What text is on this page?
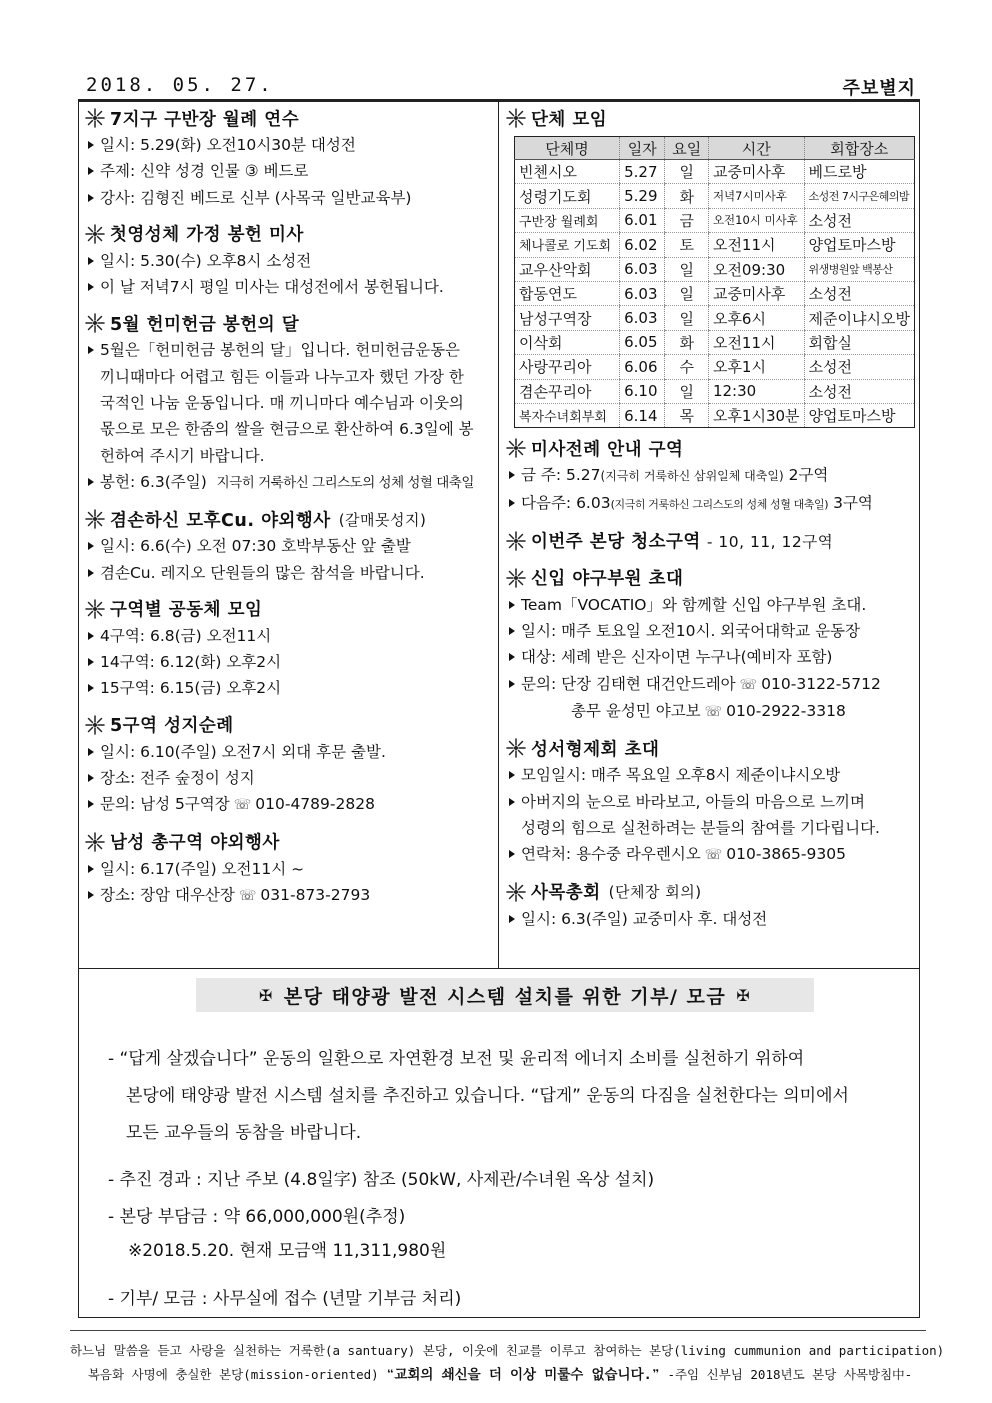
2018. 05. 27.	주보별지
7지구 구반장 월례 연수
일시: 5.29(화) 오전10시30분 대성전
주제: 신약 성경 인물 ③ 베드로
강사: 김형진 베드로 신부 (사목국 일반교육부)
첫영성체 가정 봉헌 미사
일시: 5.30(수) 오후8시 소성전
이 날 저녁7시 평일 미사는 대성전에서 봉헌됩니다.
5월 헌미헌금 봉헌의 달
5월은「헌미헌금 봉헌의 달」입니다. 헌미헌금운동은 끼니때마다 어렵고 힘든 이들과 나누고자 했던 가장 한국적인 나눔 운동입니다. 매 끼니마다 예수님과 이웃의 몫으로 모은 한줌의 쌀을 현금으로 환산하여 6.3일에 봉헌하여 주시기 바랍니다.
봉헌: 6.3(주일) 지극히 거룩하신 그리스도의 성체 성혈 대축일
겸손하신 모후Cu. 야외행사 (갈매못성지)
일시: 6.6(수) 오전 07:30 호박부동산 앞 출발
겸손Cu. 레지오 단원들의 많은 참석을 바랍니다.
구역별 공동체 모임
4구역: 6.8(금) 오전11시
14구역: 6.12(화) 오후2시
15구역: 6.15(금) 오후2시
5구역 성지순례
일시: 6.10(주일) 오전7시 외대 후문 출발.
장소: 전주 숲정이 성지
문의: 남성 5구역장 ☏ 010-4789-2828
남성 총구역 야외행사
일시: 6.17(주일) 오전11시 ~
장소: 장암 대우산장 ☏ 031-873-2793
단체 모임
단체명	일자	요일	시간	회합장소
빈첸시오	5.27	일	교중미사후	베드로방
성령기도회	5.29	화	저녁7시미사후	소성전 7시구은혜의밤
구반장 월례회	6.01	금	오전10시 미사후	소성전
체나콜로 기도회	6.02	토	오전11시	양업토마스방
교우산악회	6.03	일	오전09:30	위생병원앞 백봉산
합동연도	6.03	일	교중미사후	소성전
남성구역장	6.03	일	오후6시	제준이냐시오방
이삭회	6.05	화	오전11시	회합실
사랑꾸리아	6.06	수	오후1시	소성전
겸손꾸리아	6.10	일	12:30	소성전
복자수녀회부회	6.14	목	오후1시30분	양업토마스방
미사전례 안내 구역
금 주: 5.27(지극히 거룩하신 삼위일체 대축일) 2구역
다음주: 6.03(지극히 거룩하신 그리스도의 성체 성혈 대축일) 3구역
이번주 본당 청소구역 - 10, 11, 12구역
신입 야구부원 초대
Team「VOCATIO」와 함께할 신입 야구부원 초대.
일시: 매주 토요일 오전10시. 외국어대학교 운동장
대상: 세례 받은 신자이면 누구나(예비자 포함)
문의: 단장 김태현 대건안드레아 ☏ 010-3122-5712
총무 윤성민 야고보 ☏ 010-2922-3318
성서형제회 초대
모임일시: 매주 목요일 오후8시 제준이냐시오방
아버지의 눈으로 바라보고, 아들의 마음으로 느끼며
성령의 힘으로 실천하려는 분들의 참여를 기다립니다.
연락처: 용수중 라우렌시오 ☏ 010-3865-9305
사목총회 (단체장 회의)
일시: 6.3(주일) 교중미사 후. 대성전
✠ 본당 태양광 발전 시스템 설치를 위한 기부/ 모금 ✠
- “답게 살겠습니다” 운동의 일환으로 자연환경 보전 및 윤리적 에너지 소비를 실천하기 위하여
본당에 태양광 발전 시스템 설치를 추진하고 있습니다. “답게” 운동의 다짐을 실천한다는 의미에서
모든 교우들의 동참을 바랍니다.
- 추진 경과 : 지난 주보 (4.8일字) 참조 (50kW, 사제관/수녀원 옥상 설치)
- 본당 부담금 : 약 66,000,000원(추정)
※2018.5.20. 현재 모금액 11,311,980원
- 기부/ 모금 : 사무실에 접수 (년말 기부금 처리)
하느님 말씀을 듣고 사랑을 실천하는 거룩한(a santuary) 본당, 이웃에 친교를 이루고 참여하는 본당(living cummunion and participation)
복음화 사명에 충실한 본당(mission-oriented) ❝교회의 쇄신을 더 이상 미룰수 없습니다.❞ -주임 신부님 2018년도 본당 사목방침中-
